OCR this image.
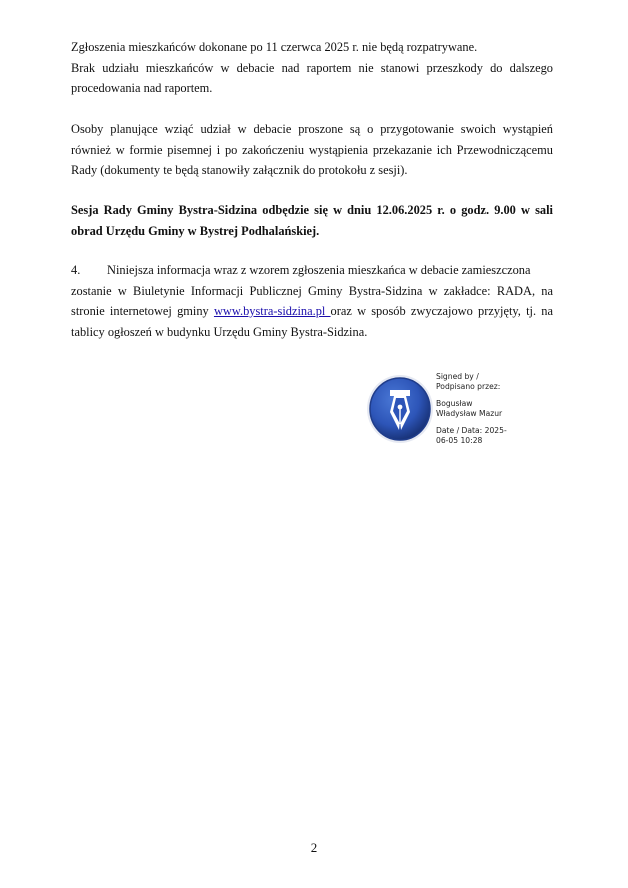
Zgłoszenia mieszkańców dokonane po 11 czerwca 2025 r. nie będą rozpatrywane.
Brak udziału mieszkańców w debacie nad raportem nie stanowi przeszkody do dalszego
procedowania nad raportem.
Osoby planujące wziąć udział w debacie proszone są o przygotowanie swoich wystąpień
również w formie pisemnej i po zakończeniu wystąpienia przekazanie ich Przewodniczącemu
Rady (dokumenty te będą stanowiły załącznik do protokołu z sesji).
Sesja Rady Gminy Bystra-Sidzina odbędzie się w dniu 12.06.2025 r. o godz. 9.00 w sali
obrad Urzędu Gminy w Bystrej Podhalańskiej.
4. Niniejsza informacja wraz z wzorem zgłoszenia mieszkańca w debacie zamieszczona
zostanie w Biuletynie Informacji Publicznej Gminy Bystra-Sidzina w zakładce: RADA, na
stronie internetowej gminy www.bystra-sidzina.pl oraz w sposób zwyczajowo przyjęty, tj. na
tablicy ogłoszeń w budynku Urzędu Gminy Bystra-Sidzina.
Signed by /
Podpisano przez:
Bogusław
Władysław Mazur
Date / Data: 2025-
06-05 10:28
2
